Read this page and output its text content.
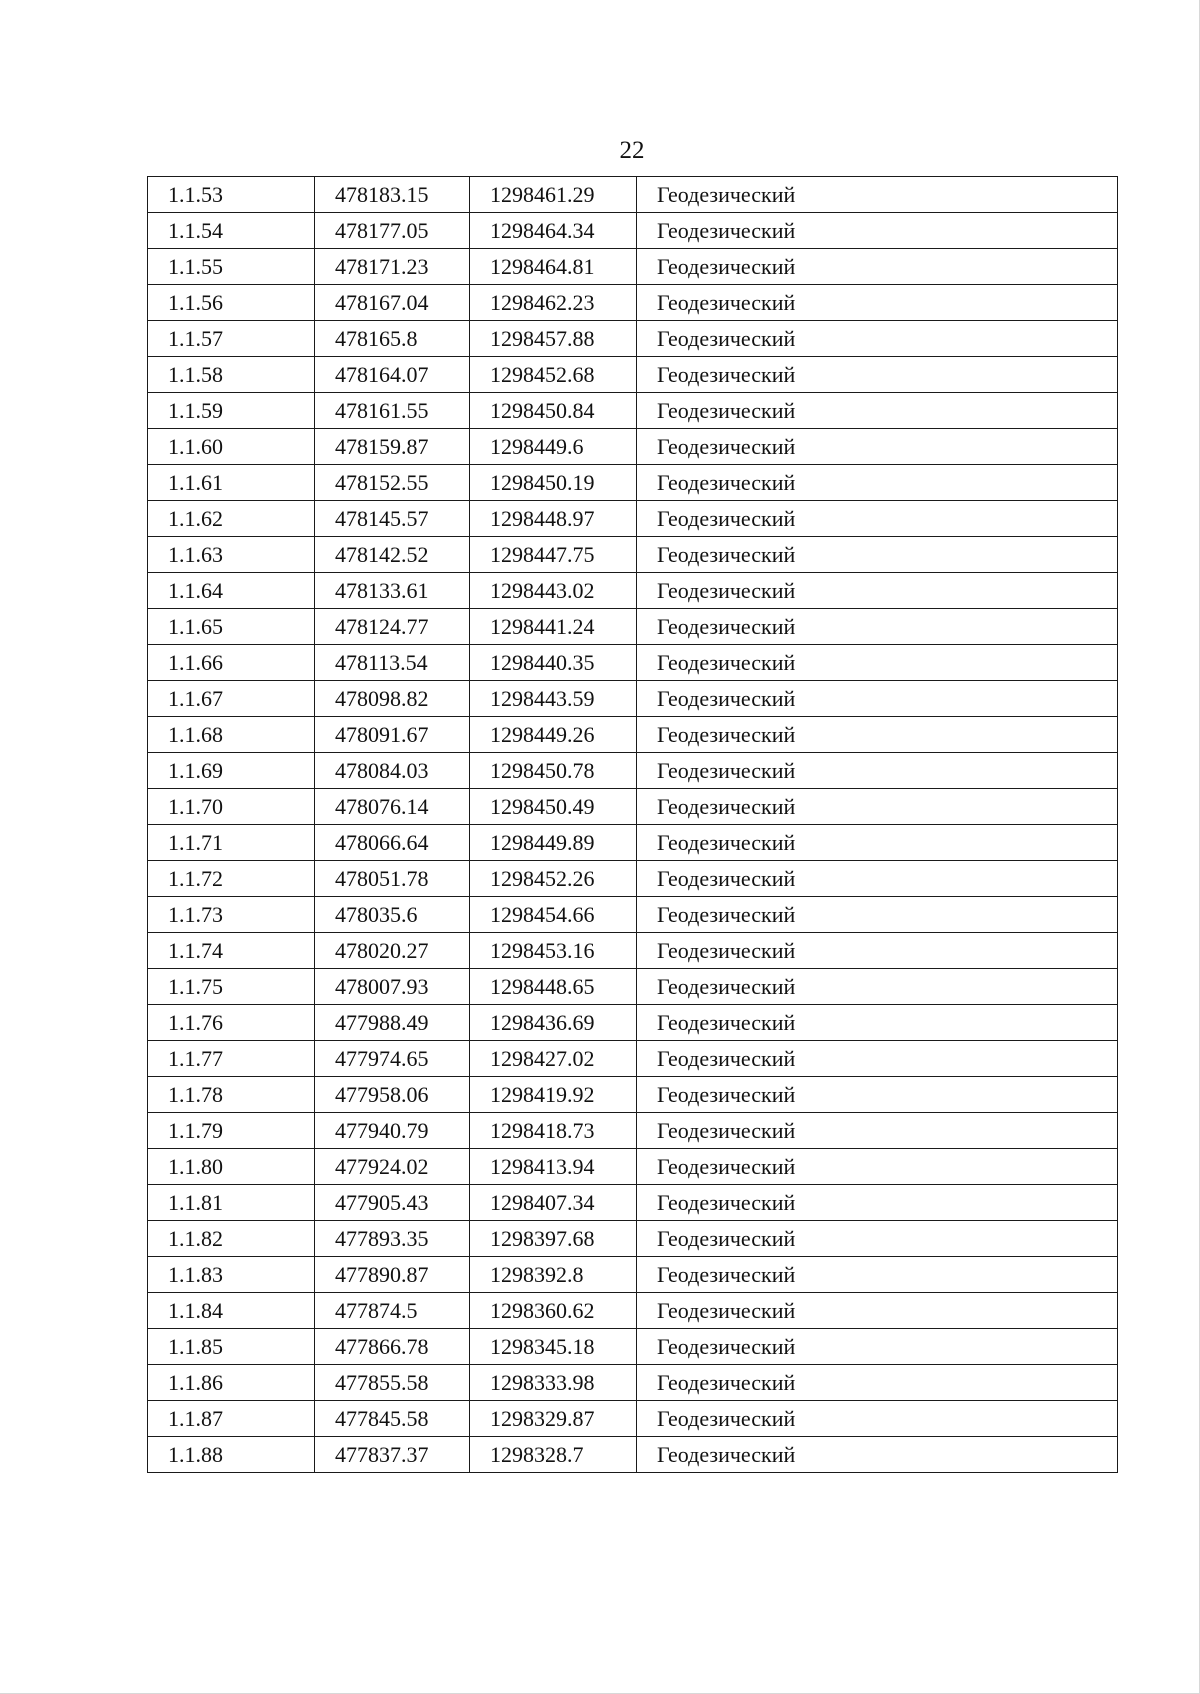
22
1.1.53	478183.15	1298461.29	Геодезический
1.1.54	478177.05	1298464.34	Геодезический
1.1.55	478171.23	1298464.81	Геодезический
1.1.56	478167.04	1298462.23	Геодезический
1.1.57	478165.8	1298457.88	Геодезический
1.1.58	478164.07	1298452.68	Геодезический
1.1.59	478161.55	1298450.84	Геодезический
1.1.60	478159.87	1298449.6	Геодезический
1.1.61	478152.55	1298450.19	Геодезический
1.1.62	478145.57	1298448.97	Геодезический
1.1.63	478142.52	1298447.75	Геодезический
1.1.64	478133.61	1298443.02	Геодезический
1.1.65	478124.77	1298441.24	Геодезический
1.1.66	478113.54	1298440.35	Геодезический
1.1.67	478098.82	1298443.59	Геодезический
1.1.68	478091.67	1298449.26	Геодезический
1.1.69	478084.03	1298450.78	Геодезический
1.1.70	478076.14	1298450.49	Геодезический
1.1.71	478066.64	1298449.89	Геодезический
1.1.72	478051.78	1298452.26	Геодезический
1.1.73	478035.6	1298454.66	Геодезический
1.1.74	478020.27	1298453.16	Геодезический
1.1.75	478007.93	1298448.65	Геодезический
1.1.76	477988.49	1298436.69	Геодезический
1.1.77	477974.65	1298427.02	Геодезический
1.1.78	477958.06	1298419.92	Геодезический
1.1.79	477940.79	1298418.73	Геодезический
1.1.80	477924.02	1298413.94	Геодезический
1.1.81	477905.43	1298407.34	Геодезический
1.1.82	477893.35	1298397.68	Геодезический
1.1.83	477890.87	1298392.8	Геодезический
1.1.84	477874.5	1298360.62	Геодезический
1.1.85	477866.78	1298345.18	Геодезический
1.1.86	477855.58	1298333.98	Геодезический
1.1.87	477845.58	1298329.87	Геодезический
1.1.88	477837.37	1298328.7	Геодезический
